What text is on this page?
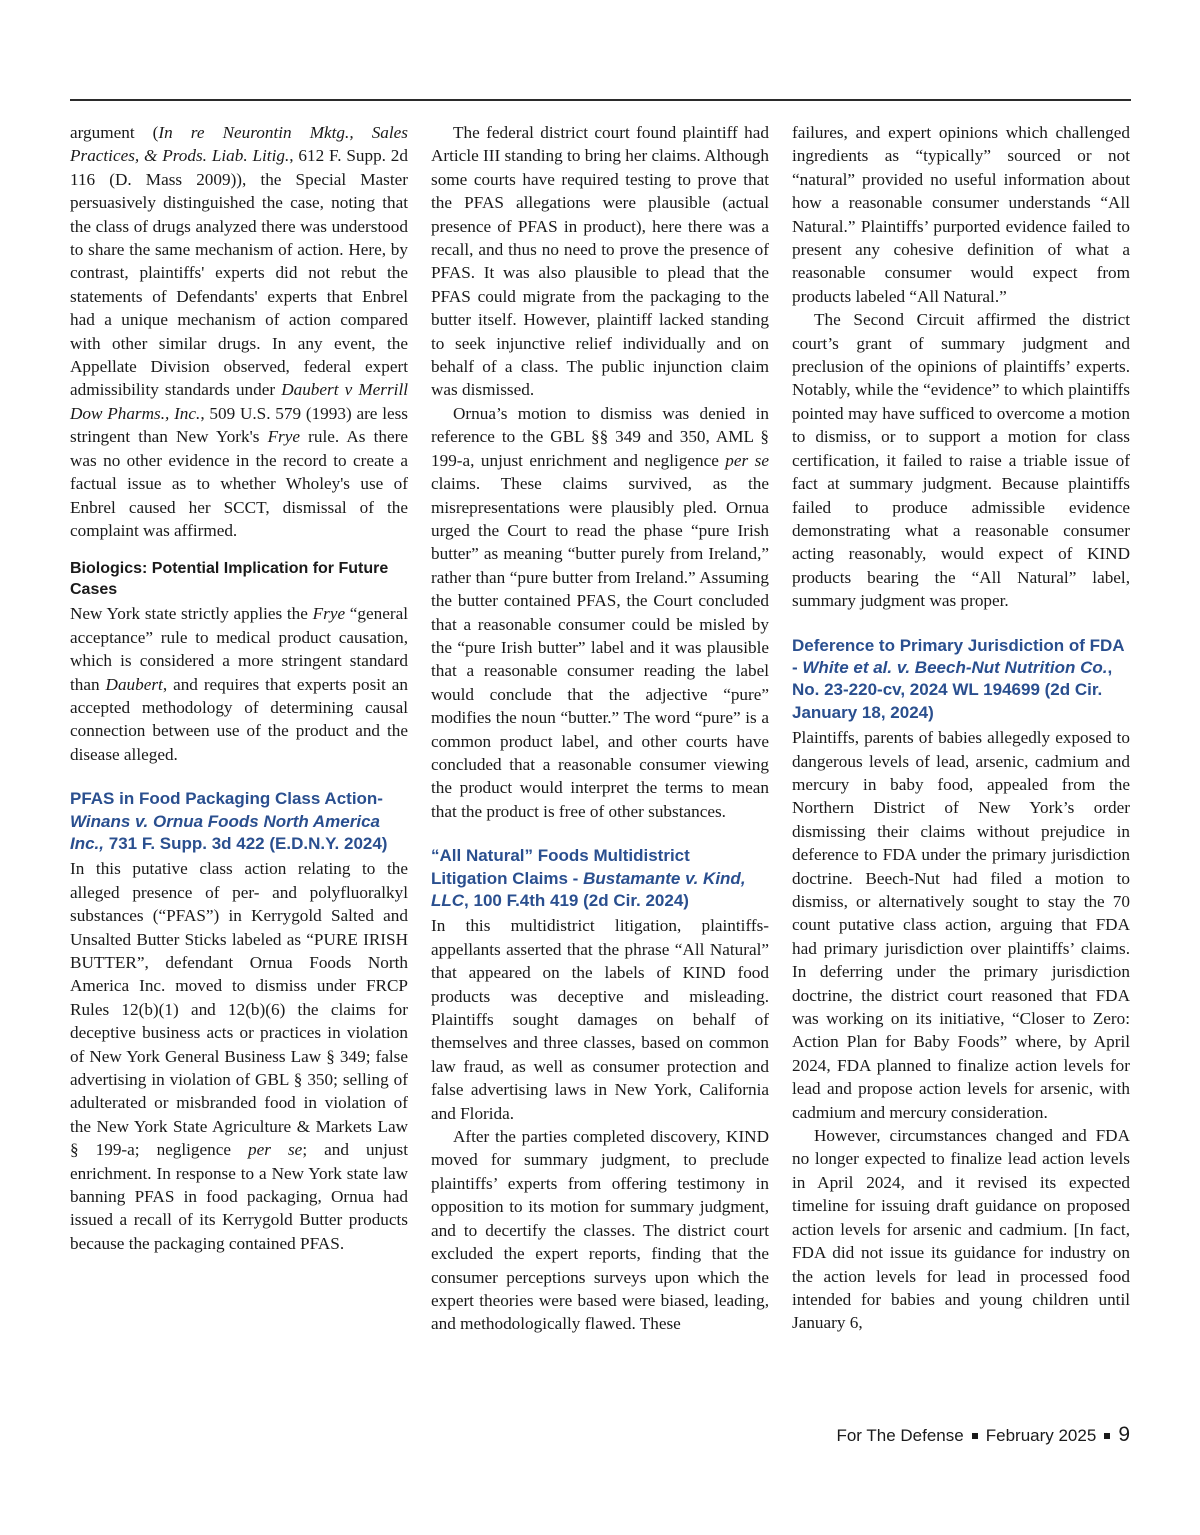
argument (In re Neurontin Mktg., Sales Practices, & Prods. Liab. Litig., 612 F. Supp. 2d 116 (D. Mass 2009)), the Special Master persuasively distinguished the case, noting that the class of drugs analyzed there was understood to share the same mechanism of action. Here, by contrast, plaintiffs' experts did not rebut the statements of Defendants' experts that Enbrel had a unique mechanism of action compared with other similar drugs. In any event, the Appellate Division observed, federal expert admissibility standards under Daubert v Merrill Dow Pharms., Inc., 509 U.S. 579 (1993) are less stringent than New York's Frye rule. As there was no other evidence in the record to create a factual issue as to whether Wholey's use of Enbrel caused her SCCT, dismissal of the complaint was affirmed.

Biologics: Potential Implication for Future Cases

New York state strictly applies the Frye “general acceptance” rule to medical product causation, which is considered a more stringent standard than Daubert, and requires that experts posit an accepted methodology of determining causal connection between use of the product and the disease alleged.

PFAS in Food Packaging Class Action- Winans v. Ornua Foods North America Inc., 731 F. Supp. 3d 422 (E.D.N.Y. 2024)

In this putative class action relating to the alleged presence of per- and polyfluoralkyl substances (“PFAS”) in Kerrygold Salted and Unsalted Butter Sticks labeled as “PURE IRISH BUTTER”, defendant Ornua Foods North America Inc. moved to dismiss under FRCP Rules 12(b)(1) and 12(b)(6) the claims for deceptive business acts or practices in violation of New York General Business Law § 349; false advertising in violation of GBL § 350; selling of adulterated or misbranded food in violation of the New York State Agriculture & Markets Law § 199-a; negligence per se; and unjust enrichment. In response to a New York state law banning PFAS in food packaging, Ornua had issued a recall of its Kerrygold Butter products because the packaging contained PFAS.

The federal district court found plaintiff had Article III standing to bring her claims. Although some courts have required testing to prove that the PFAS allegations were plausible (actual presence of PFAS in product), here there was a recall, and thus no need to prove the presence of PFAS. It was also plausible to plead that the PFAS could migrate from the packaging to the butter itself. However, plaintiff lacked standing to seek injunctive relief individually and on behalf of a class. The public injunction claim was dismissed.

Ornua’s motion to dismiss was denied in reference to the GBL §§ 349 and 350, AML § 199-a, unjust enrichment and negligence per se claims. These claims survived, as the misrepresentations were plausibly pled. Ornua urged the Court to read the phase “pure Irish butter” as meaning “butter purely from Ireland,” rather than “pure butter from Ireland.” Assuming the butter contained PFAS, the Court concluded that a reasonable consumer could be misled by the “pure Irish butter” label and it was plausible that a reasonable consumer reading the label would conclude that the adjective “pure” modifies the noun “butter.” The word “pure” is a common product label, and other courts have concluded that a reasonable consumer viewing the product would interpret the terms to mean that the product is free of other substances.

“All Natural” Foods Multidistrict Litigation Claims - Bustamante v. Kind, LLC, 100 F.4th 419 (2d Cir. 2024)

In this multidistrict litigation, plaintiffs-appellants asserted that the phrase “All Natural” that appeared on the labels of KIND food products was deceptive and misleading. Plaintiffs sought damages on behalf of themselves and three classes, based on common law fraud, as well as consumer protection and false advertising laws in New York, California and Florida.

After the parties completed discovery, KIND moved for summary judgment, to preclude plaintiffs’ experts from offering testimony in opposition to its motion for summary judgment, and to decertify the classes. The district court excluded the expert reports, finding that the consumer perceptions surveys upon which the expert theories were based were biased, leading, and methodologically flawed. These

failures, and expert opinions which challenged ingredients as “typically” sourced or not “natural” provided no useful information about how a reasonable consumer understands “All Natural.” Plaintiffs’ purported evidence failed to present any cohesive definition of what a reasonable consumer would expect from products labeled “All Natural.”

The Second Circuit affirmed the district court’s grant of summary judgment and preclusion of the opinions of plaintiffs’ experts. Notably, while the “evidence” to which plaintiffs pointed may have sufficed to overcome a motion to dismiss, or to support a motion for class certification, it failed to raise a triable issue of fact at summary judgment. Because plaintiffs failed to produce admissible evidence demonstrating what a reasonable consumer acting reasonably, would expect of KIND products bearing the “All Natural” label, summary judgment was proper.

Deference to Primary Jurisdiction of FDA - White et al. v. Beech-Nut Nutrition Co., No. 23-220-cv, 2024 WL 194699 (2d Cir. January 18, 2024)

Plaintiffs, parents of babies allegedly exposed to dangerous levels of lead, arsenic, cadmium and mercury in baby food, appealed from the Northern District of New York’s order dismissing their claims without prejudice in deference to FDA under the primary jurisdiction doctrine. Beech-Nut had filed a motion to dismiss, or alternatively sought to stay the 70 count putative class action, arguing that FDA had primary jurisdiction over plaintiffs’ claims. In deferring under the primary jurisdiction doctrine, the district court reasoned that FDA was working on its initiative, “Closer to Zero: Action Plan for Baby Foods” where, by April 2024, FDA planned to finalize action levels for lead and propose action levels for arsenic, with cadmium and mercury consideration.

However, circumstances changed and FDA no longer expected to finalize lead action levels in April 2024, and it revised its expected timeline for issuing draft guidance on proposed action levels for arsenic and cadmium. [In fact, FDA did not issue its guidance for industry on the action levels for lead in processed food intended for babies and young children until January 6,

For The Defense February 2025 9
